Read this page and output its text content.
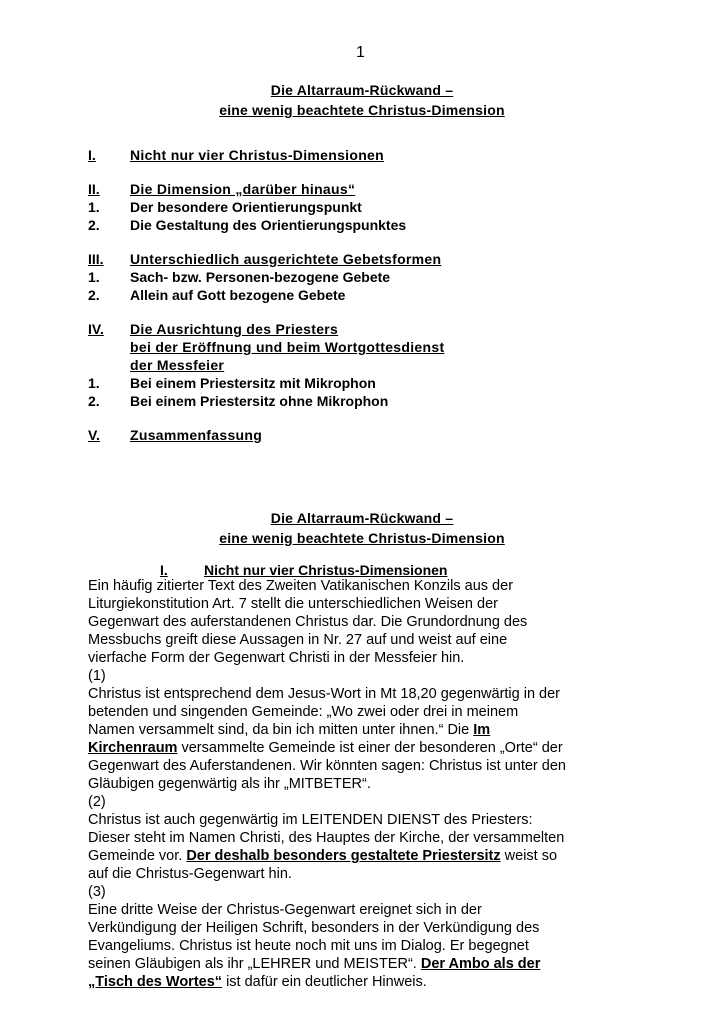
1
Die Altarraum-Rückwand –
eine wenig beachtete Christus-Dimension
I.	Nicht nur vier Christus-Dimensionen
II.	Die Dimension „darüber hinaus“
1.	Der besondere Orientierungspunkt
2.	Die Gestaltung des Orientierungspunktes
III.	Unterschiedlich ausgerichtete Gebetsformen
1.	Sach- bzw. Personen-bezogene Gebete
2.	Allein auf Gott bezogene Gebete
IV.	Die Ausrichtung des Priesters
bei der Eröffnung und beim Wortgottesdienst
der Messfeier
1.	Bei einem Priestersitz mit Mikrophon
2.	Bei einem Priestersitz ohne Mikrophon
V.	Zusammenfassung
Die Altarraum-Rückwand –
eine wenig beachtete Christus-Dimension
I.	Nicht nur vier Christus-Dimensionen

Ein häufig zitierter Text des Zweiten Vatikanischen Konzils aus der

Liturgiekonstitution Art. 7 stellt die unterschiedlichen Weisen der

Gegenwart des auferstandenen Christus dar. Die Grundordnung des

Messbuchs greift diese Aussagen in Nr. 27 auf und weist auf eine

vierfache Form der Gegenwart Christi in der Messfeier hin.

(1)

Christus ist entsprechend dem Jesus-Wort in Mt 18,20 gegenwärtig in der

betenden und singenden Gemeinde: „Wo zwei oder drei in meinem

Namen versammelt sind, da bin ich mitten unter ihnen.“ Die Im

Kirchenraum versammelte Gemeinde ist einer der besonderen „Orte“ der

Gegenwart des Auferstandenen. Wir könnten sagen: Christus ist unter den

Gläubigen gegenwärtig als ihr „MITBETER“.

(2)

Christus ist auch gegenwärtig im LEITENDEN DIENST des Priesters:

Dieser steht im Namen Christi, des Hauptes der Kirche, der versammelten

Gemeinde vor. Der deshalb besonders gestaltete Priestersitz weist so

auf die Christus-Gegenwart hin.

(3)

Eine dritte Weise der Christus-Gegenwart ereignet sich in der

Verkündigung der Heiligen Schrift, besonders in der Verkündigung des

Evangeliums. Christus ist heute noch mit uns im Dialog. Er begegnet

seinen Gläubigen als ihr „LEHRER und MEISTER“. Der Ambo als der

„Tisch des Wortes“ ist dafür ein deutlicher Hinweis.
